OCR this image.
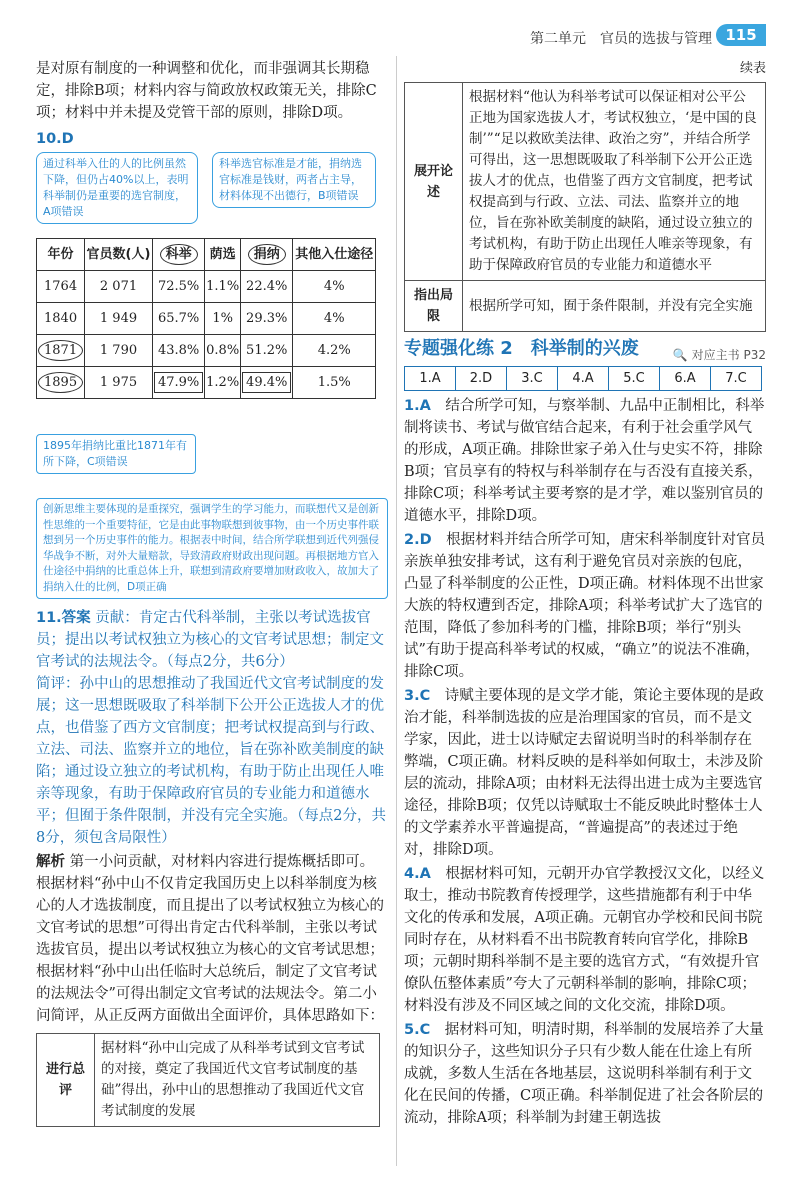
第二单元　官员的选拔与管理 115

是对原有制度的一种调整和优化，而非强调其长期稳定，排除B项；材料内容与简政放权政策无关，排除C项；材料中并未提及党管干部的原则，排除D项。

10.D

通过科举入仕的人的比例虽然下降，但仍占40%以上，表明科举制仍是重要的选官制度，A项错误
科举选官标准是才能，捐纳选官标准是钱财，两者占主导，材料体现不出德行，B项错误
年份	官员数(人)	科举	荫选	捐纳	其他入仕途径
1764	2 071	72.5%	1.1%	22.4%	4%
1840	1 949	65.7%	1%	29.3%	4%
1871	1 790	43.8%	0.8%	51.2%	4.2%
1895	1 975	47.9%	1.2%	49.4%	1.5%
1895年捐纳比重比1871年有所下降，C项错误
创新思维主要体现的是重探究，强调学生的学习能力，而联想代又是创新性思维的一个重要特征，它是由此事物联想到彼事物，由一个历史事件联想到另一个历史事件的能力。根据表中时间，结合所学联想到近代列强侵华战争不断，对外大量赔款，导致清政府财政出现问题。再根据地方官入仕途径中捐纳的比重总体上升，联想到清政府要增加财政收入，故加大了捐纳入仕的比例，D项正确

11.答案 贡献：肯定古代科举制，主张以考试选拔官员；提出以考试权独立为核心的文官考试思想；制定文官考试的法规法令。（每点2分，共6分）

简评：孙中山的思想推动了我国近代文官考试制度的发展；这一思想既吸取了科举制下公开公正选拔人才的优点，也借鉴了西方文官制度；把考试权提高到与行政、立法、司法、监察并立的地位，旨在弥补欧美制度的缺陷；通过设立独立的考试机构，有助于防止出现任人唯亲等现象，有助于保障政府官员的专业能力和道德水平；但囿于条件限制，并没有完全实施。（每点2分，共8分，须包含局限性）

解析 第一小问贡献，对材料内容进行提炼概括即可。根据材料“孙中山不仅肯定我国历史上以科举制度为核心的人才选拔制度，而且提出了以考试权独立为核心的文官考试的思想”可得出肯定古代科举制，主张以考试选拔官员，提出以考试权独立为核心的文官考试思想；根据材料“孙中山出任临时大总统后，制定了文官考试的法规法令”可得出制定文官考试的法规法令。第二小问简评，从正反两方面做出全面评价，具体思路如下：

进行总评	据材料“孙中山完成了从科举考试到文官考试的对接，奠定了我国近代文官考试制度的基础”得出，孙中山的思想推动了我国近代文官考试制度的发展

续表

展开论述	根据材料“他认为科举考试可以保证相对公平公正地为国家选拔人才，考试权独立，‘是中国的良制’”“足以救欧美法律、政治之穷”，并结合所学可得出，这一思想既吸取了科举制下公开公正选拔人才的优点，也借鉴了西方文官制度，把考试权提高到与行政、立法、司法、监察并立的地位，旨在弥补欧美制度的缺陷，通过设立独立的考试机构，有助于防止出现任人唯亲等现象，有助于保障政府官员的专业能力和道德水平
指出局限	根据所学可知，囿于条件限制，并没有完全实施
专题强化练 2　科举制的兴废	🔍 对应主书 P32
1.A	2.D	3.C	4.A	5.C	6.A	7.C

1.A　 结合所学可知，与察举制、九品中正制相比，科举制将读书、考试与做官结合起来，有利于社会重学风气的形成，A项正确。排除世家子弟入仕与史实不符，排除B项；官员享有的特权与科举制存在与否没有直接关系，排除C项；科举考试主要考察的是才学，难以鉴别官员的道德水平，排除D项。

2.D　 根据材料并结合所学可知，唐宋科举制度针对官员亲族单独安排考试，这有利于避免官员对亲族的包庇，凸显了科举制度的公正性，D项正确。材料体现不出世家大族的特权遭到否定，排除A项；科举考试扩大了选官的范围，降低了参加科考的门槛，排除B项；举行“别头试”有助于提高科举考试的权威，“确立”的说法不准确，排除C项。

3.C　 诗赋主要体现的是文学才能，策论主要体现的是政治才能，科举制选拔的应是治理国家的官员，而不是文学家，因此，进士以诗赋定去留说明当时的科举制存在弊端，C项正确。材料反映的是科举如何取士，未涉及阶层的流动，排除A项；由材料无法得出进士成为主要选官途径，排除B项；仅凭以诗赋取士不能反映此时整体士人的文学素养水平普遍提高，“普遍提高”的表述过于绝对，排除D项。

4.A　 根据材料可知，元朝开办官学教授汉文化，以经义取士，推动书院教育传授理学，这些措施都有利于中华文化的传承和发展，A项正确。元朝官办学校和民间书院同时存在，从材料看不出书院教育转向官学化，排除B项；元朝时期科举制不是主要的选官方式，“有效提升官僚队伍整体素质”夸大了元朝科举制的影响，排除C项；材料没有涉及不同区域之间的文化交流，排除D项。

5.C　 据材料可知，明清时期，科举制的发展培养了大量的知识分子，这些知识分子只有少数人能在仕途上有所成就，多数人生活在各地基层，这说明科举制有利于文化在民间的传播，C项正确。科举制促进了社会各阶层的流动，排除A项；科举制为封建王朝选拔
